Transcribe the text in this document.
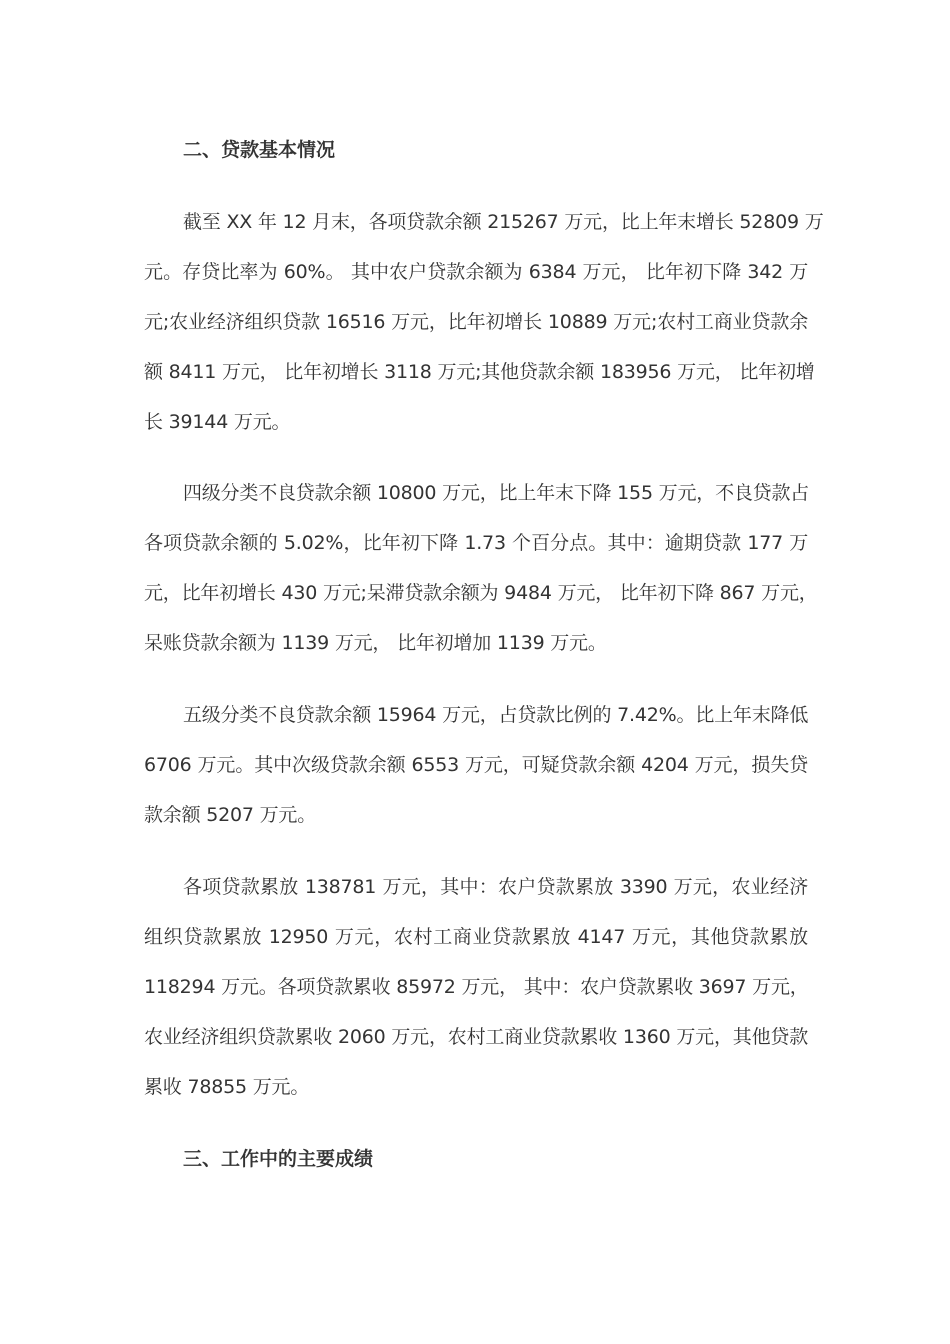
二、贷款基本情况
截至 XX 年 12 月末，各项贷款余额 215267 万元，比上年末增长 52809 万
元。存贷比率为 60%。 其中农户贷款余额为 6384 万元， 比年初下降 342 万
元;农业经济组织贷款 16516 万元，比年初增长 10889 万元;农村工商业贷款余
额 8411 万元， 比年初增长 3118 万元;其他贷款余额 183956 万元， 比年初增
长 39144 万元。
四级分类不良贷款余额 10800 万元，比上年末下降 155 万元，不良贷款占
各项贷款余额的 5.02%，比年初下降 1.73 个百分点。其中：逾期贷款 177 万
元，比年初增长 430 万元;呆滞贷款余额为 9484 万元， 比年初下降 867 万元，
呆账贷款余额为 1139 万元， 比年初增加 1139 万元。
五级分类不良贷款余额 15964 万元，占贷款比例的 7.42%。比上年末降低
6706 万元。其中次级贷款余额 6553 万元，可疑贷款余额 4204 万元，损失贷
款余额 5207 万元。
各项贷款累放 138781 万元，其中：农户贷款累放 3390 万元，农业经济
组织贷款累放 12950 万元，农村工商业贷款累放 4147 万元，其他贷款累放
118294 万元。各项贷款累收 85972 万元， 其中：农户贷款累收 3697 万元，
农业经济组织贷款累收 2060 万元，农村工商业贷款累收 1360 万元，其他贷款
累收 78855 万元。
三、工作中的主要成绩
